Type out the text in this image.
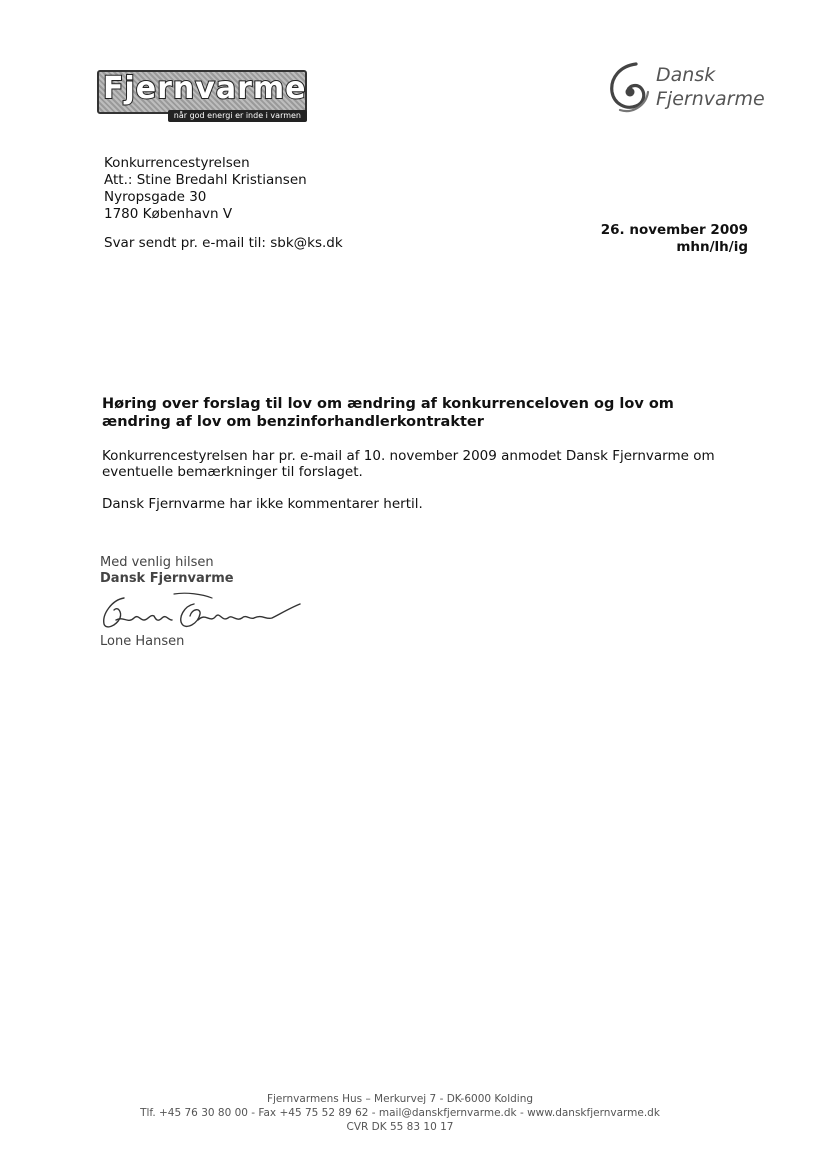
Fjernvarme
når god energi er inde i varmen
Dansk
Fjernvarme
Konkurrencestyrelsen
Att.: Stine Bredahl Kristiansen
Nyropsgade 30
1780 København V
Svar sendt pr. e-mail til: sbk@ks.dk
26. november 2009
mhn/lh/ig
Høring over forslag til lov om ændring af konkurrenceloven og lov om
ændring af lov om benzinforhandlerkontrakter
Konkurrencestyrelsen har pr. e-mail af 10. november 2009 anmodet Dansk Fjernvarme om
eventuelle bemærkninger til forslaget.
Dansk Fjernvarme har ikke kommentarer hertil.
Med venlig hilsen
Dansk Fjernvarme
Lone Hansen
Fjernvarmens Hus – Merkurvej 7 - DK-6000 Kolding
Tlf. +45 76 30 80 00 - Fax +45 75 52 89 62 - mail@danskfjernvarme.dk - www.danskfjernvarme.dk
CVR DK 55 83 10 17
